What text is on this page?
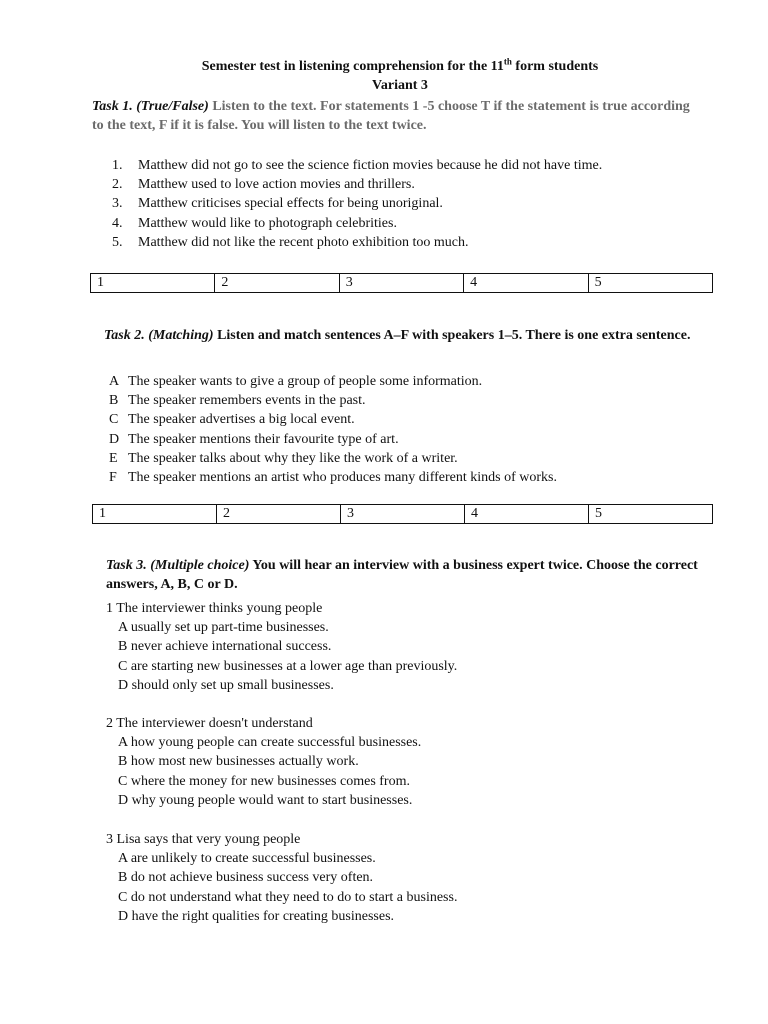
Semester test in listening comprehension for the 11th form students
Variant 3
Task 1. (True/False) Listen to the text. For statements 1 -5 choose T if the statement is true according to the text, F if it is false. You will listen to the text twice.
1. Matthew did not go to see the science fiction movies because he did not have time.
2. Matthew used to love action movies and thrillers.
3. Matthew criticises special effects for being unoriginal.
4. Matthew would like to photograph celebrities.
5. Matthew did not like the recent photo exhibition too much.
1	2	3	4	5
Task 2. (Matching) Listen and match sentences A–F with speakers 1–5. There is one extra sentence.
A The speaker wants to give a group of people some information.
B The speaker remembers events in the past.
C The speaker advertises a big local event.
D The speaker mentions their favourite type of art.
E The speaker talks about why they like the work of a writer.
F The speaker mentions an artist who produces many different kinds of works.
1	2	3	4	5
Task 3. (Multiple choice) You will hear an interview with a business expert twice. Choose the correct answers, A, B, C or D.
1 The interviewer thinks young people
A usually set up part-time businesses.
B never achieve international success.
C are starting new businesses at a lower age than previously.
D should only set up small businesses.
2 The interviewer doesn't understand
A how young people can create successful businesses.
B how most new businesses actually work.
C where the money for new businesses comes from.
D why young people would want to start businesses.
3 Lisa says that very young people
A are unlikely to create successful businesses.
B do not achieve business success very often.
C do not understand what they need to do to start a business.
D have the right qualities for creating businesses.
